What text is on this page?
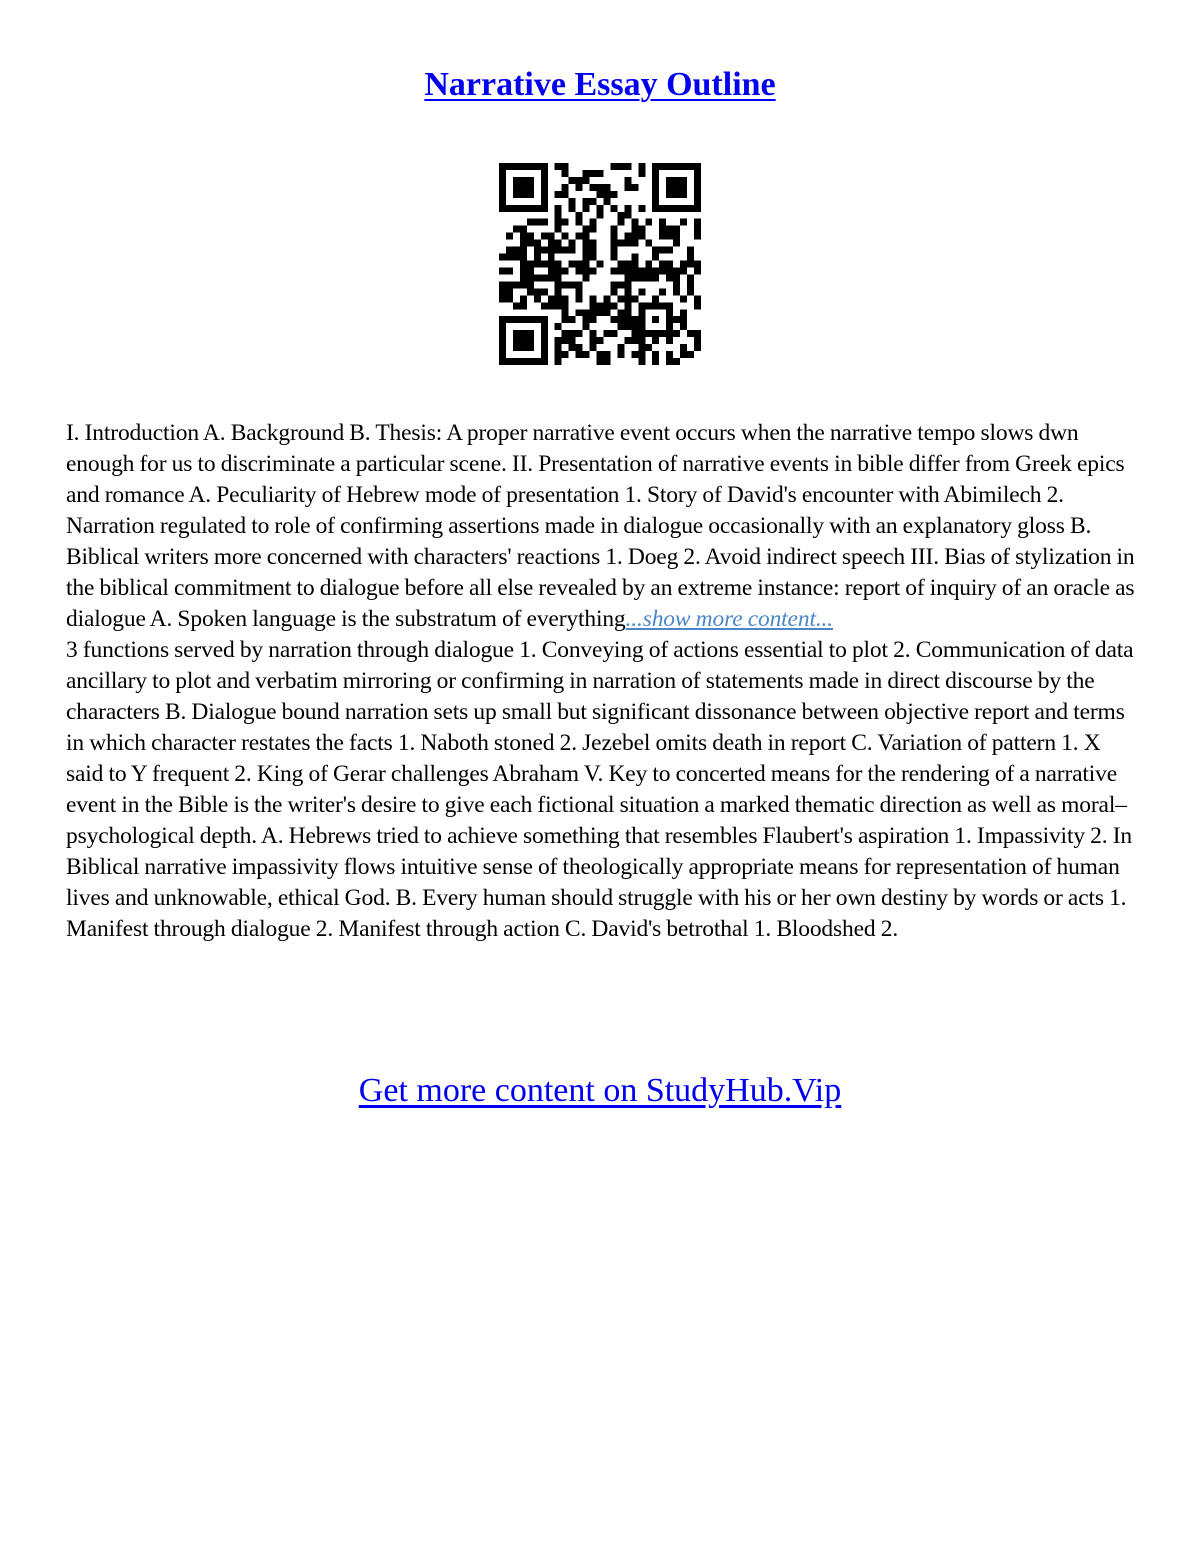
Narrative Essay Outline

I. Introduction A. Background B. Thesis: A proper narrative event occurs when the narrative tempo slows dwn enough for us to discriminate a particular scene. II. Presentation of narrative events in bible differ from Greek epics and romance A. Peculiarity of Hebrew mode of presentation 1. Story of David's encounter with Abimilech 2. Narration regulated to role of confirming assertions made in dialogue occasionally with an explanatory gloss B. Biblical writers more concerned with characters' reactions 1. Doeg 2. Avoid indirect speech III. Bias of stylization in the biblical commitment to dialogue before all else revealed by an extreme instance: report of inquiry of an oracle as dialogue A. Spoken language is the substratum of everything...show more content...

3 functions served by narration through dialogue 1. Conveying of actions essential to plot 2. Communication of data ancillary to plot and verbatim mirroring or confirming in narration of statements made in direct discourse by the characters B. Dialogue bound narration sets up small but significant dissonance between objective report and terms in which character restates the facts 1. Naboth stoned 2. Jezebel omits death in report C. Variation of pattern 1. X said to Y frequent 2. King of Gerar challenges Abraham V. Key to concerted means for the rendering of a narrative event in the Bible is the writer's desire to give each fictional situation a marked thematic direction as well as moral–psychological depth. A. Hebrews tried to achieve something that resembles Flaubert's aspiration 1. Impassivity 2. In Biblical narrative impassivity flows intuitive sense of theologically appropriate means for representation of human lives and unknowable, ethical God. B. Every human should struggle with his or her own destiny by words or acts 1. Manifest through dialogue 2. Manifest through action C. David's betrothal 1. Bloodshed 2.

Get more content on StudyHub.Vip
